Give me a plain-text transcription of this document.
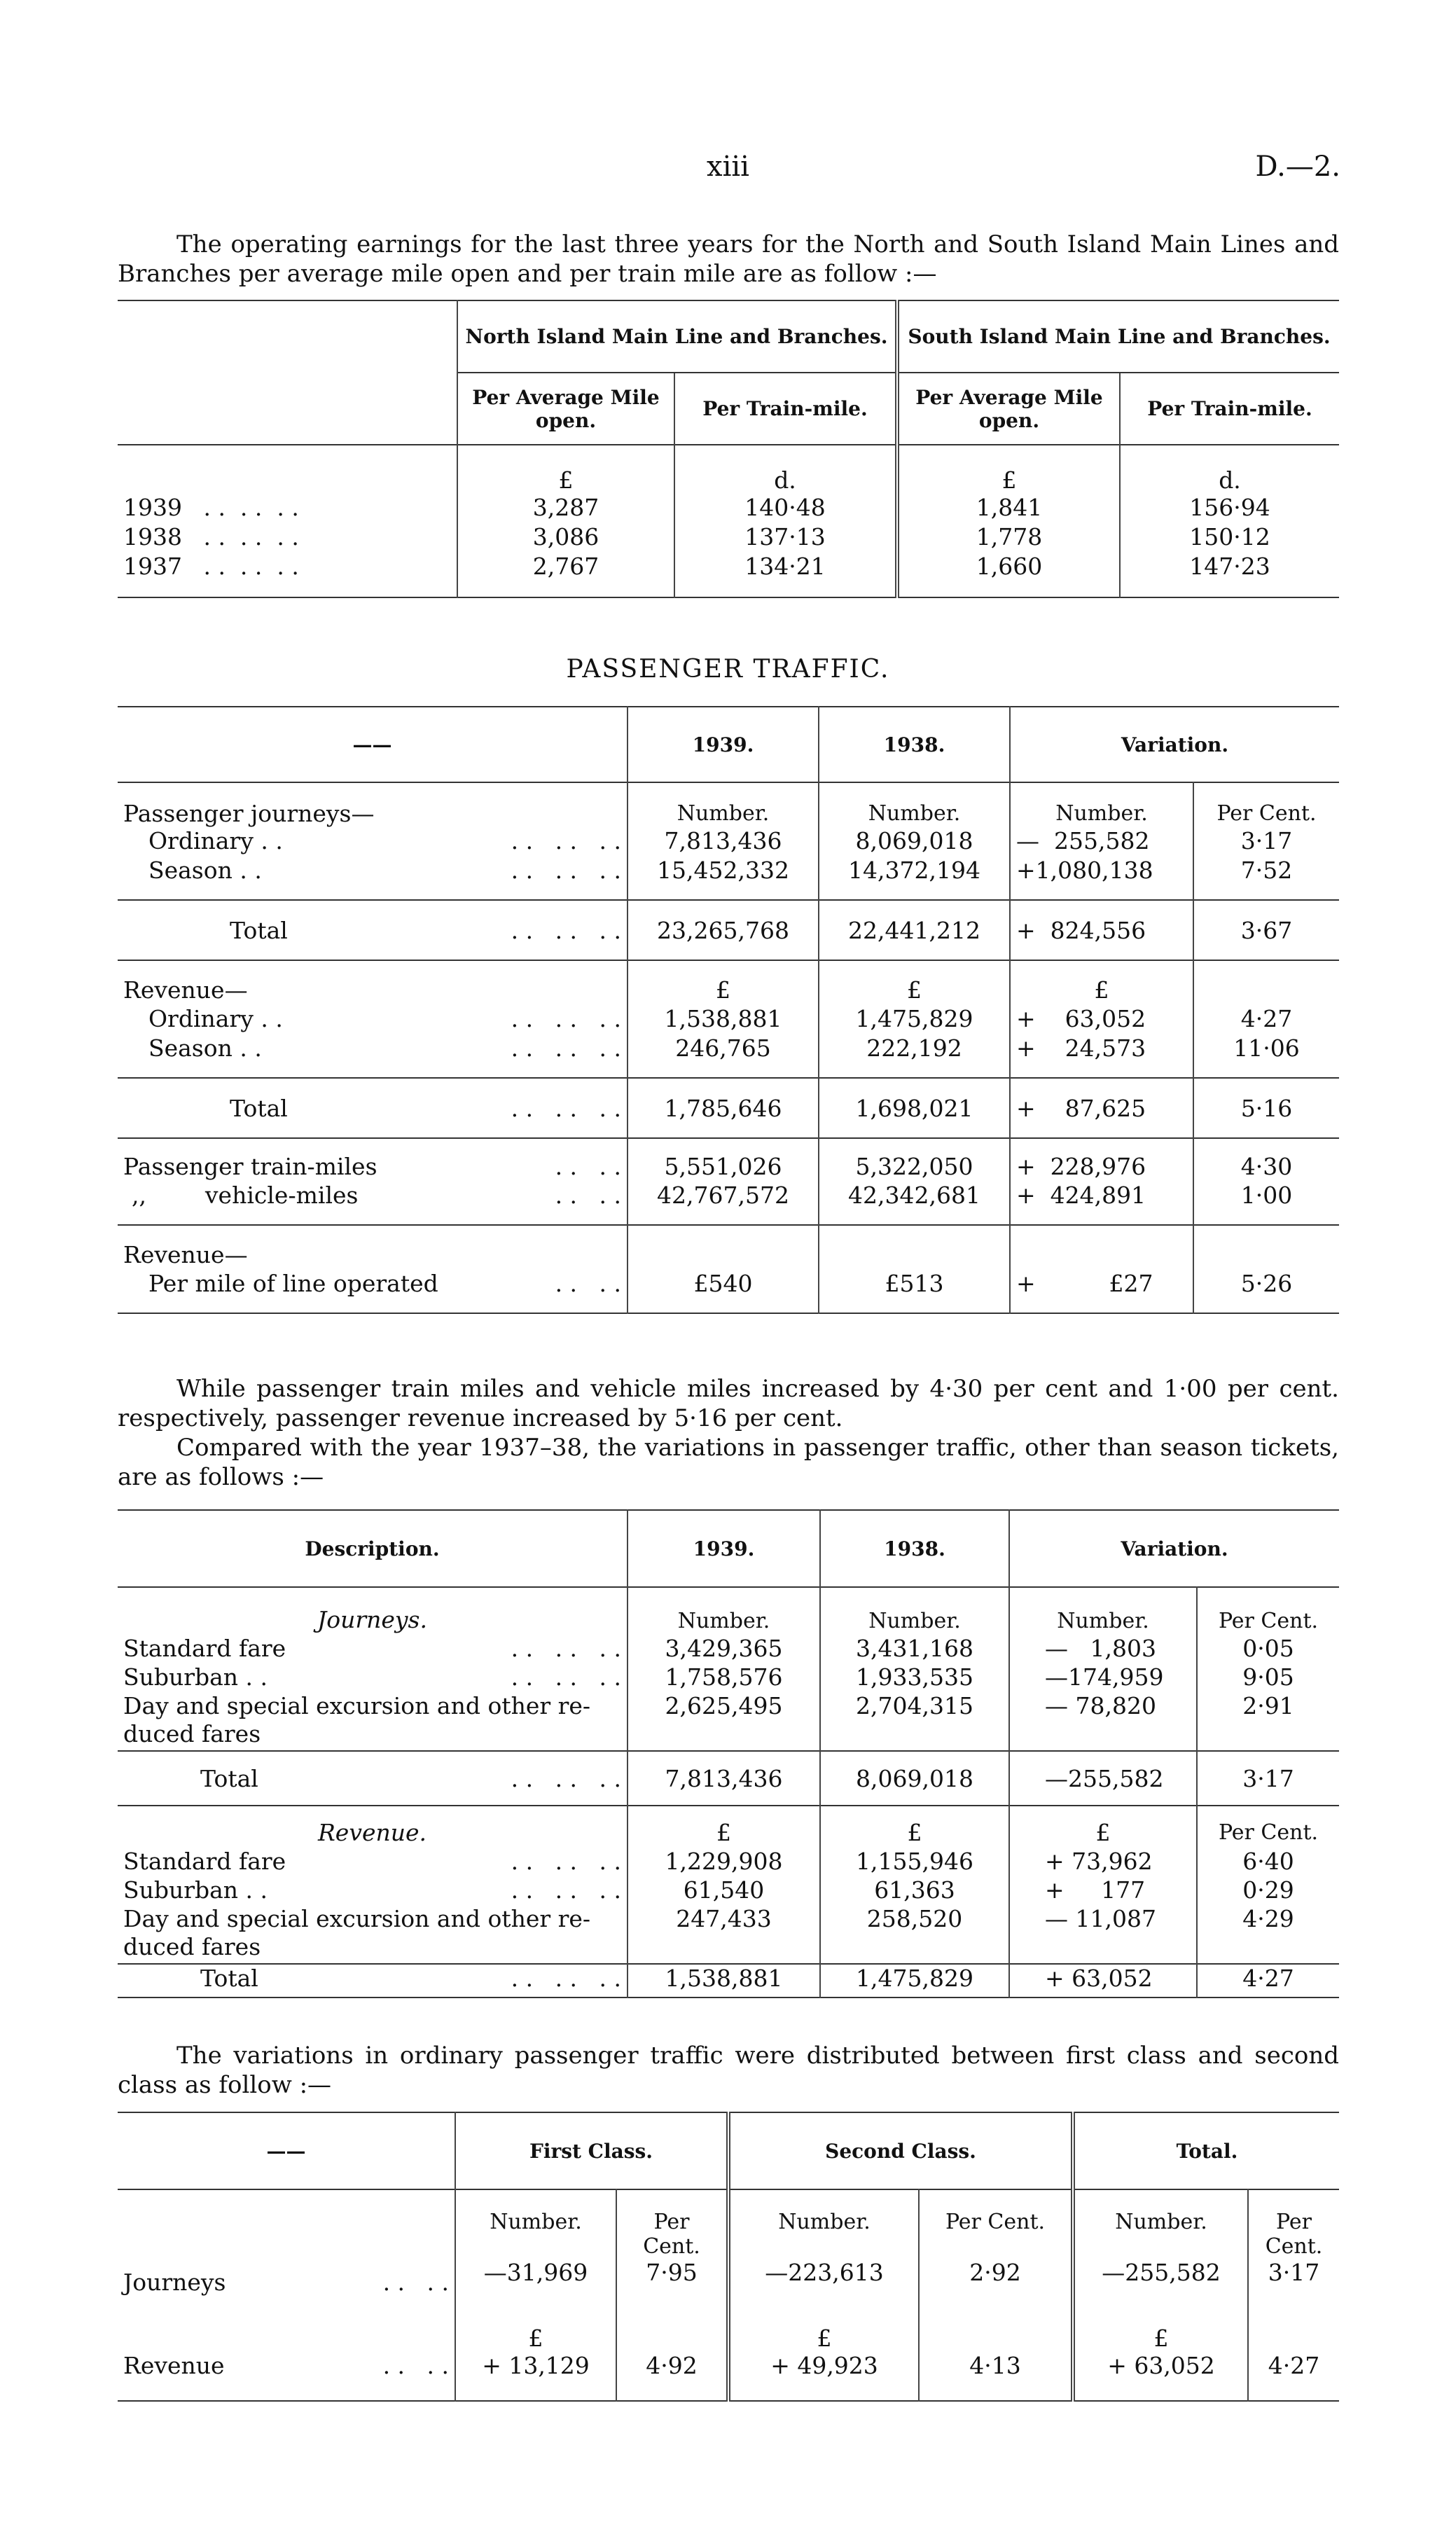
xiii	D.—2.

The operating earnings for the last three years for the North and South Island Main Lines and Branches per average mile open and per train mile are as follow :—

	North Island Main Line and Branches.		South Island Main Line and Branches.	
	Per Average Mile open.	Per Train-mile.	Per Average Mile open.	Per Train-mile.
	£	d.	£	d.
1939 . .  . .  . .	3,287	140·48	1,841	156·94
1938 . .  . .  . .	3,086	137·13	1,778	150·12
1937 . .  . .  . .	2,767	134·21	1,660	147·23
PASSENGER TRAFFIC.
——	1939.	1938.	Variation.	
Passenger journeys—	Number.	Number.	Number.	Per Cent.
Ordinary . . . .   . .   . .	7,813,436	8,069,018	—  255,582	3·17
Season . . . .   . .   . .	15,452,332	14,372,194	+1,080,138	7·52
Total . .   . .   . .	23,265,768	22,441,212	+  824,556	3·67
Revenue—	£	£	£	
Ordinary . . . .   . .   . .	1,538,881	1,475,829	+    63,052	4·27
Season . . . .   . .   . .	246,765	222,192	+    24,573	11·06
Total . .   . .   . .	1,785,646	1,698,021	+    87,625	5·16
Passenger train-miles . .   . .	5,551,026	5,322,050	+  228,976	4·30
,,        vehicle-miles . .   . .	42,767,572	42,342,681	+  424,891	1·00
Revenue—				
Per mile of line operated . .   . .	£540	£513	+          £27	5·26

While passenger train miles and vehicle miles increased by 4·30 per cent and 1·00 per cent. respectively, passenger revenue increased by 5·16 per cent.

Compared with the year 1937–38, the variations in passenger traffic, other than season tickets, are as follows :—

Description.	1939.	1938.	Variation.	
Journeys.	Number.	Number.	Number.	Per Cent.
Standard fare . .   . .   . .	3,429,365	3,431,168	—   1,803	0·05
Suburban . . . .   . .   . .	1,758,576	1,933,535	—174,959	9·05
Day and special excursion and other re-duced fares	2,625,495	2,704,315	— 78,820	2·91
Total . .   . .   . .	7,813,436	8,069,018	—255,582	3·17
Revenue.	£	£	£	Per Cent.
Standard fare . .   . .   . .	1,229,908	1,155,946	+ 73,962	6·40
Suburban . . . .   . .   . .	61,540	61,363	+     177	0·29
Day and special excursion and other re-duced fares	247,433	258,520	— 11,087	4·29
Total . .   . .   . .	1,538,881	1,475,829	+ 63,052	4·27

The variations in ordinary passenger traffic were distributed between first class and second class as follow :—

——	First Class.		Second Class.		Total.	
	Number.	Per Cent.	Number.	Per Cent.	Number.	Per Cent.
Journeys . .   . .	—31,969	7·95	—223,613	2·92	—255,582	3·17
	£		£		£	
Revenue . .   . .	+ 13,129	4·92	+ 49,923	4·13	+ 63,052	4·27
